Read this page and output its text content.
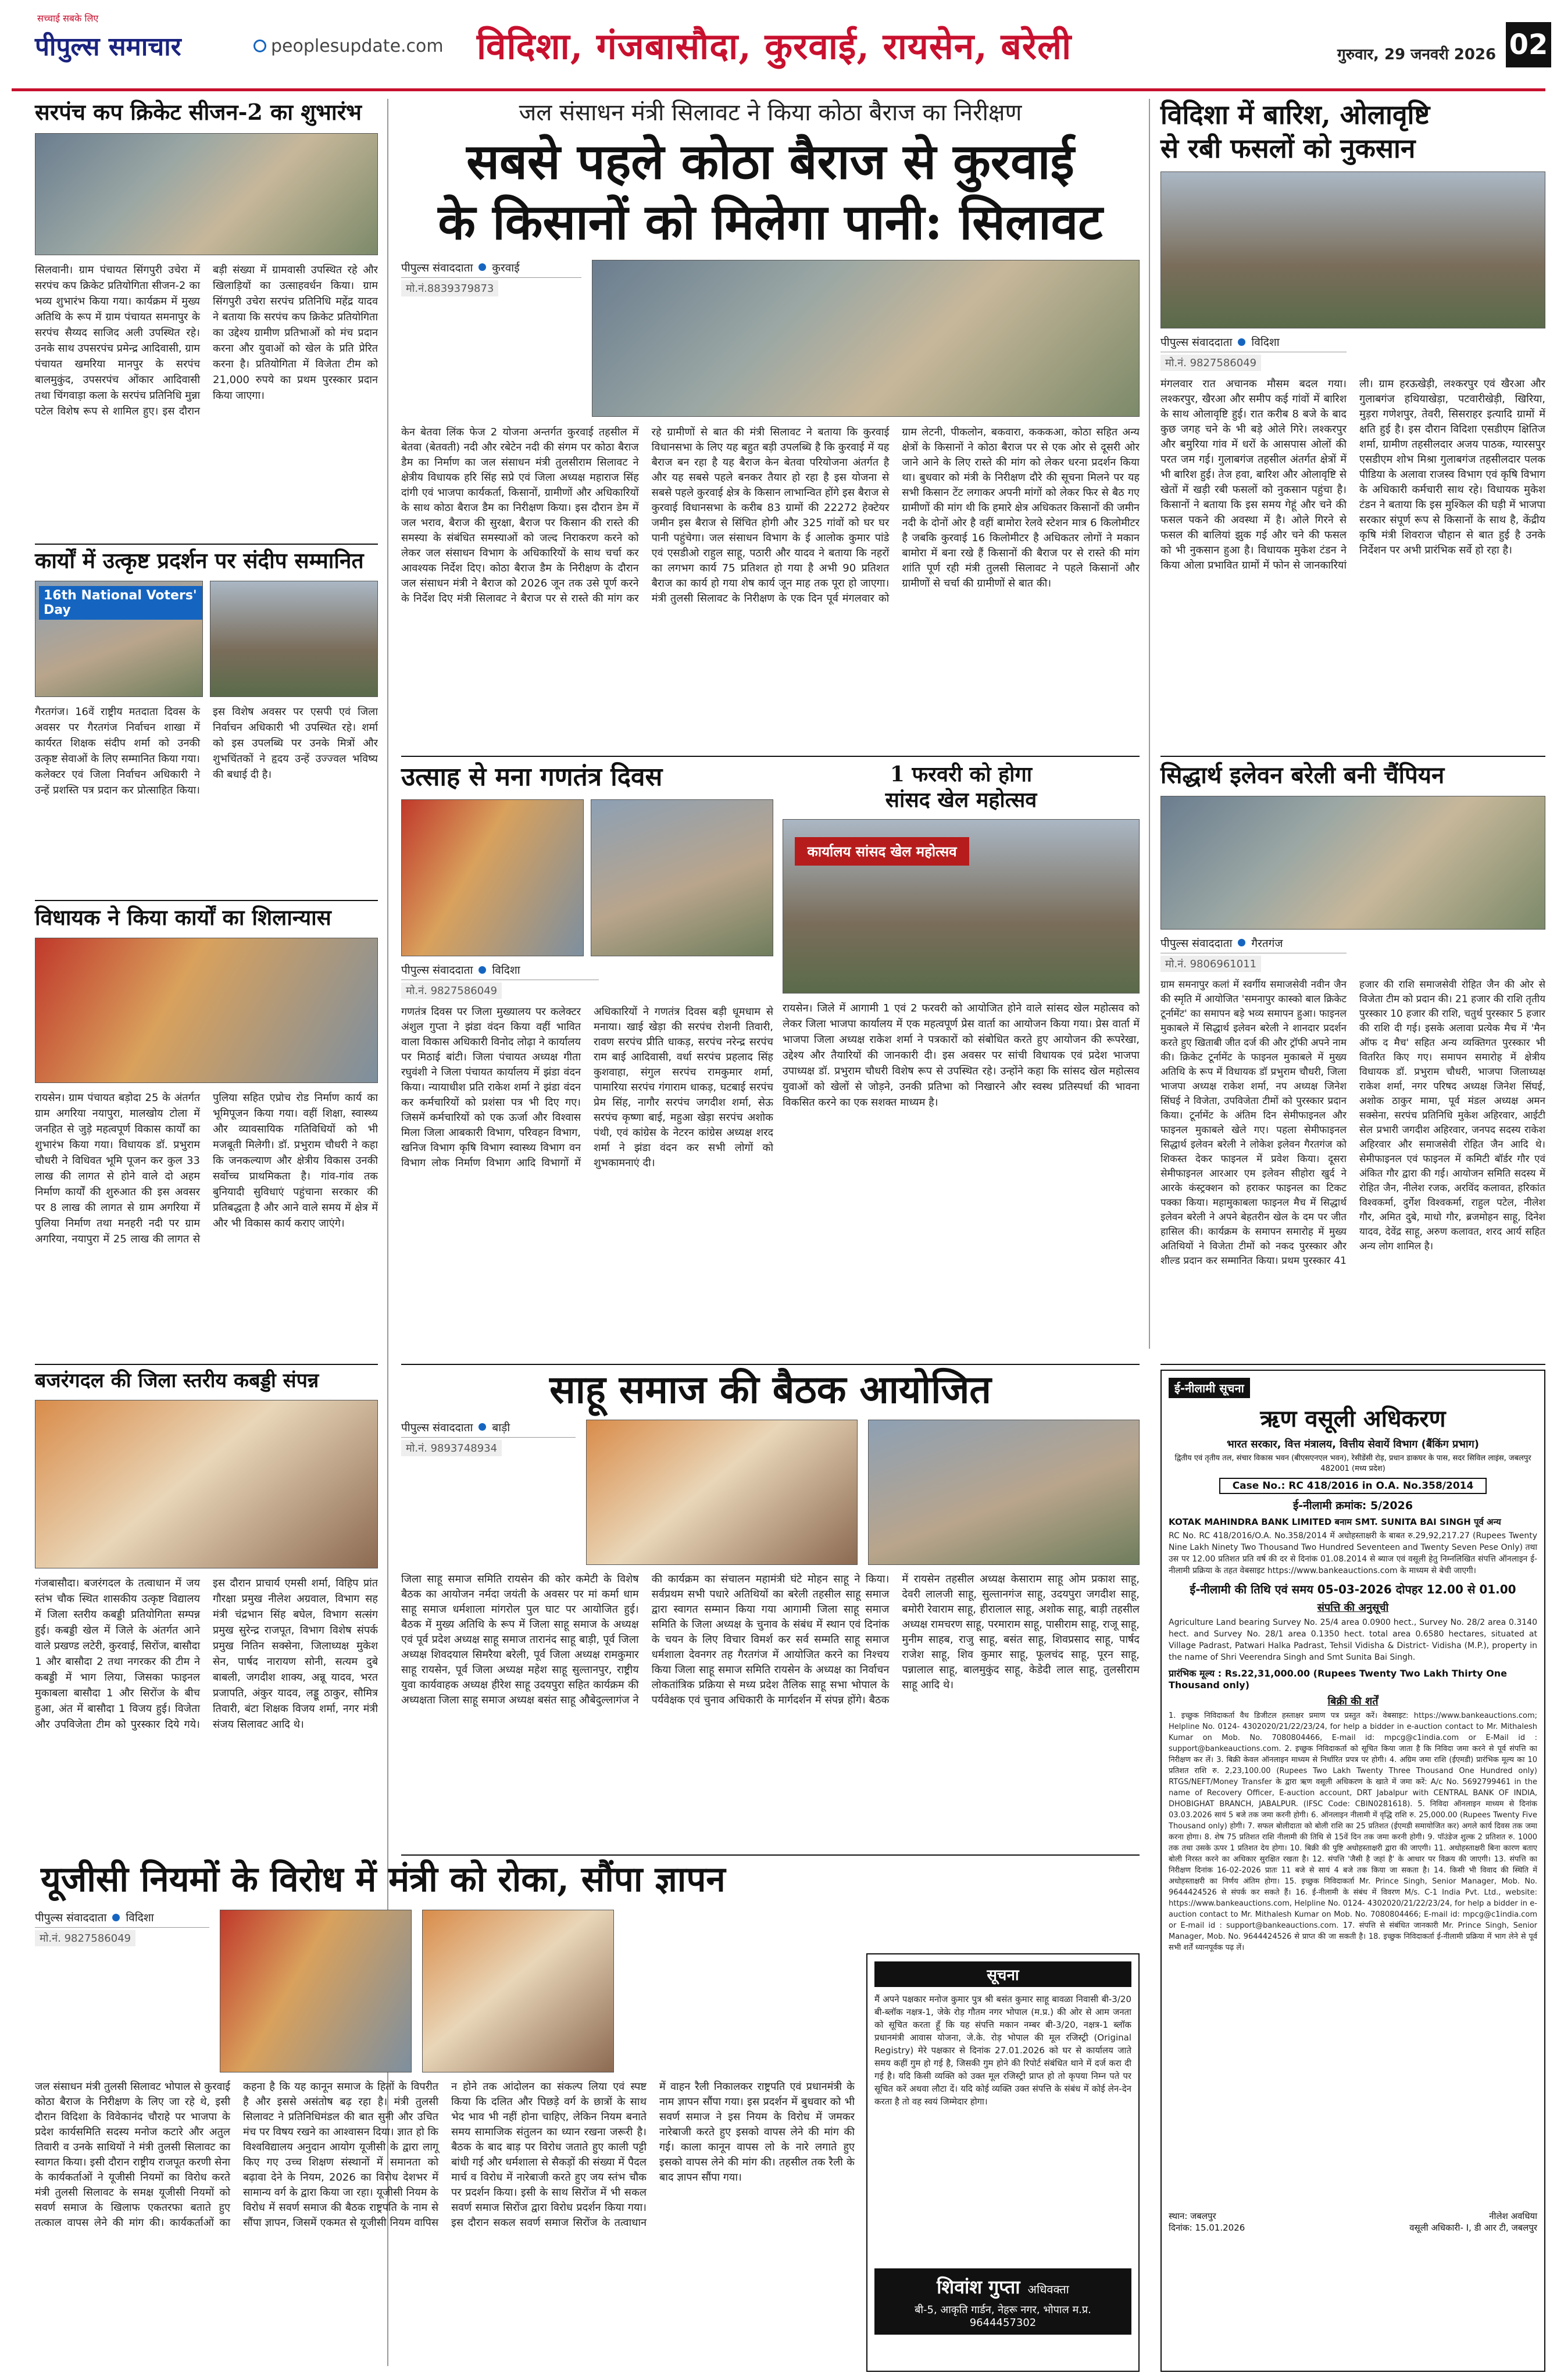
पीपुल्स समाचार
सच्चाई सबके लिए
peoplesupdate.com विदिशा, गंजबासौदा, कुरवाई, रायसेन, बरेली	गुरुवार, 29 जनवरी 2026 02
सरपंच कप क्रिकेट सीजन-2 का शुभारंभ
सिलवानी। ग्राम पंचायत सिंगपुरी उचेरा में सरपंच कप क्रिकेट प्रतियोगिता सीजन-2 का भव्य शुभारंभ किया गया। कार्यक्रम में मुख्य अतिथि के रूप में ग्राम पंचायत समनापुर के सरपंच सैय्यद साजिद अली उपस्थित रहे। उनके साथ उपसरपंच प्रमेन्द्र आदिवासी, ग्राम पंचायत खमरिया मानपुर के सरपंच बालमुकुंद, उपसरपंच ओंकार आदिवासी तथा चिंगवाड़ा कला के सरपंच प्रतिनिधि मुन्ना पटेल विशेष रूप से शामिल हुए। इस दौरान बड़ी संख्या में ग्रामवासी उपस्थित रहे और खिलाड़ियों का उत्साहवर्धन किया। ग्राम सिंगपुरी उचेरा सरपंच प्रतिनिधि महेंद्र यादव ने बताया कि सरपंच कप क्रिकेट प्रतियोगिता का उद्देश्य ग्रामीण प्रतिभाओं को मंच प्रदान करना और युवाओं को खेल के प्रति प्रेरित करना है। प्रतियोगिता में विजेता टीम को 21,000 रुपये का प्रथम पुरस्कार प्रदान किया जाएगा।
कार्यों में उत्कृष्ट प्रदर्शन पर संदीप सम्मानित
16th National Voters' Day
गैरतगंज। 16वें राष्ट्रीय मतदाता दिवस के अवसर पर गैरतगंज निर्वाचन शाखा में कार्यरत शिक्षक संदीप शर्मा को उनकी उत्कृष्ट सेवाओं के लिए सम्मानित किया गया। कलेक्टर एवं जिला निर्वाचन अधिकारी ने उन्हें प्रशस्ति पत्र प्रदान कर प्रोत्साहित किया। इस विशेष अवसर पर एसपी एवं जिला निर्वाचन अधिकारी भी उपस्थित रहे। शर्मा को इस उपलब्धि पर उनके मित्रों और शुभचिंतकों ने हृदय उन्हें उज्ज्वल भविष्य की बधाई दी है।
विधायक ने किया कार्यों का शिलान्यास
रायसेन। ग्राम पंचायत बड़ोदा 25 के अंतर्गत ग्राम अगरिया नयापुरा, मालखोय टोला में जनहित से जुड़े महत्वपूर्ण विकास कार्यों का शुभारंभ किया गया। विधायक डॉ. प्रभुराम चौधरी ने विधिवत भूमि पूजन कर कुल 33 लाख की लागत से होने वाले दो अहम निर्माण कार्यों की शुरुआत की इस अवसर पर 8 लाख की लागत से ग्राम अगरिया में पुलिया निर्माण तथा मनहरी नदी पर ग्राम अगरिया, नयापुरा में 25 लाख की लागत से पुलिया सहित एप्रोच रोड निर्माण कार्य का भूमिपूजन किया गया। वहीं शिक्षा, स्वास्थ्य और व्यावसायिक गतिविधियों को भी मजबूती मिलेगी। डॉ. प्रभुराम चौधरी ने कहा कि जनकल्याण और क्षेत्रीय विकास उनकी सर्वोच्च प्राथमिकता है। गांव-गांव तक बुनियादी सुविधाएं पहुंचाना सरकार की प्रतिबद्धता है और आने वाले समय में क्षेत्र में और भी विकास कार्य कराए जाएंगे।
बजरंगदल की जिला स्तरीय कबड्डी संपन्न
गंजबासौदा। बजरंगदल के तत्वाधान में जय स्तंभ चौक स्थित शासकीय उत्कृष्ट विद्यालय में जिला स्तरीय कबड्डी प्रतियोगिता सम्पन्न हुई। कबड्डी खेल में जिले के अंतर्गत आने वाले प्रखण्ड लटेरी, कुरवाई, सिरोंज, बासौदा 1 और बासौदा 2 तथा नगरकर की टीम ने कबड्डी में भाग लिया, जिसका फाइनल मुकाबला बासौदा 1 और सिरोंज के बीच हुआ, अंत में बासौदा 1 विजय हुई। विजेता और उपविजेता टीम को पुरस्कार दिये गये। इस दौरान प्राचार्य एमसी शर्मा, विहिप प्रांत गौरक्षा प्रमुख नीलेश अग्रवाल, विभाग सह मंत्री चंद्रभान सिंह बघेल, विभाग सत्संग प्रमुख सुरेन्द्र राजपूत, विभाग विशेष संपर्क प्रमुख नितिन सक्सेना, जिलाध्यक्ष मुकेश सेन, पार्षद नारायण सोनी, सत्यम दुबे बाबली, जगदीश शाक्य, अन्नू यादव, भरत प्रजापति, अंकुर यादव, लड्डू ठाकुर, सौमित्र तिवारी, बंटा शिक्षक विजय शर्मा, नगर मंत्री संजय सिलावट आदि थे।
जल संसाधन मंत्री सिलावट ने किया कोठा बैराज का निरीक्षण
सबसे पहले कोठा बैराज से कुरवाई
के किसानों को मिलेगा पानी: सिलावट
पीपुल्स संवाददाता कुरवाई
मो.नं.8839379873
केन बेतवा लिंक फेज 2 योजना अन्तर्गत कुरवाई तहसील में बेतवा (बेतवती) नदी और रबेटेन नदी की संगम पर कोठा बैराज डैम का निर्माण का जल संसाधन मंत्री तुलसीराम सिलावट ने क्षेत्रीय विधायक हरि सिंह सप्रे एवं जिला अध्यक्ष महाराज सिंह दांगी एवं भाजपा कार्यकर्ता, किसानों, ग्रामीणों और अधिकारियों के साथ कोठा बैराज डैम का निरीक्षण किया। इस दौरान डेम में जल भराव, बैराज की सुरक्षा, बैराज पर किसान की रास्ते की समस्या के संबंधित समस्याओं को जल्द निराकरण करने को लेकर जल संसाधन विभाग के अधिकारियों के साथ चर्चा कर आवश्यक निर्देश दिए। कोठा बैराज डैम के निरीक्षण के दौरान जल संसाधन मंत्री ने बैराज को 2026 जून तक उसे पूर्ण करने के निर्देश दिए मंत्री सिलावट ने बैराज पर से रास्ते की मांग कर रहे ग्रामीणों से बात की मंत्री सिलावट ने बताया कि कुरवाई विधानसभा के लिए यह बहुत बड़ी उपलब्धि है कि कुरवाई में यह बैराज बन रहा है यह बैराज केन बेतवा परियोजना अंतर्गत है और यह सबसे पहले बनकर तैयार हो रहा है इस योजना से सबसे पहले कुरवाई क्षेत्र के किसान लाभान्वित होंगे इस बैराज से कुरवाई विधानसभा के करीब 83 ग्रामों की 22272 हेक्टेयर जमीन इस बैराज से सिंचित होगी और 325 गांवों को घर घर पानी पहुंचेगा। जल संसाधन विभाग के ई आलोक कुमार पांडे एवं एसडीओ राहुल साहू, पठारी और यादव ने बताया कि नहरों का लगभग कार्य 75 प्रतिशत हो गया है अभी 90 प्रतिशत बैराज का कार्य हो गया शेष कार्य जून माह तक पूरा हो जाएगा। मंत्री तुलसी सिलावट के निरीक्षण के एक दिन पूर्व मंगलवार को ग्राम लेटनी, पीकलोन, बकवारा, कककआ, कोठा सहित अन्य क्षेत्रों के किसानों ने कोठा बैराज पर से एक ओर से दूसरी ओर जाने आने के लिए रास्ते की मांग को लेकर धरना प्रदर्शन किया था। बुधवार को मंत्री के निरीक्षण दौरे की सूचना मिलने पर यह सभी किसान टेंट लगाकर अपनी मांगों को लेकर फिर से बैठ गए ग्रामीणों की मांग थी कि हमारे क्षेत्र अधिकतर किसानों की जमीन नदी के दोनों ओर है वहीं बामोरा रेलवे स्टेशन मात्र 6 किलोमीटर है जबकि कुरवाई 16 किलोमीटर है अधिकतर लोगों ने मकान बामोरा में बना रखे हैं किसानों की बैराज पर से रास्ते की मांग शांति पूर्ण रही मंत्री तुलसी सिलावट ने पहले किसानों और ग्रामीणों से चर्चा की ग्रामीणों से बात की।
उत्साह से मना गणतंत्र दिवस
पीपुल्स संवाददाता विदिशा
मो.नं. 9827586049
गणतंत्र दिवस पर जिला मुख्यालय पर कलेक्टर अंशुल गुप्ता ने झंडा वंदन किया वहीं भावित वाला विकास अधिकारी विनोद लोढ़ा ने कार्यालय पर मिठाई बांटी। जिला पंचायत अध्यक्ष गीता रघुवंशी ने जिला पंचायत कार्यालय में झंडा वंदन किया। न्यायाधीश प्रति राकेश शर्मा ने झंडा वंदन कर कर्मचारियों को प्रशंसा पत्र भी दिए गए। जिसमें कर्मचारियों को एक ऊर्जा और विश्वास मिला जिला आबकारी विभाग, परिवहन विभाग, खनिज विभाग कृषि विभाग स्वास्थ्य विभाग वन विभाग लोक निर्माण विभाग आदि विभागों में अधिकारियों ने गणतंत्र दिवस बड़ी धूमधाम से मनाया। खाई खेड़ा की सरपंच रोशनी तिवारी, रावण सरपंच प्रीति धाकड़, सरपंच नरेन्द्र सरपंच राम बाई आदिवासी, वर्धा सरपंच प्रहलाद सिंह कुशवाहा, संगुल सरपंच रामकुमार शर्मा, पामारिया सरपंच गंगाराम धाकड़, घटबाई सरपंच प्रेम सिंह, नागौर सरपंच जगदीश शर्मा, सेऊ सरपंच कृष्णा बाई, महुआ खेड़ा सरपंच अशोक पंथी, एवं कांग्रेस के नेटरन कांग्रेस अध्यक्ष शरद शर्मा ने झंडा वंदन कर सभी लोगों को शुभकामनाएं दी।
1 फरवरी को होगा
सांसद खेल महोत्सव
कार्यालय सांसद खेल महोत्सव
रायसेन। जिले में आगामी 1 एवं 2 फरवरी को आयोजित होने वाले सांसद खेल महोत्सव को लेकर जिला भाजपा कार्यालय में एक महत्वपूर्ण प्रेस वार्ता का आयोजन किया गया। प्रेस वार्ता में भाजपा जिला अध्यक्ष राकेश शर्मा ने पत्रकारों को संबोधित करते हुए आयोजन की रूपरेखा, उद्देश्य और तैयारियों की जानकारी दी। इस अवसर पर सांची विधायक एवं प्रदेश भाजपा उपाध्यक्ष डॉ. प्रभुराम चौधरी विशेष रूप से उपस्थित रहे। उन्होंने कहा कि सांसद खेल महोत्सव युवाओं को खेलों से जोड़ने, उनकी प्रतिभा को निखारने और स्वस्थ प्रतिस्पर्धा की भावना विकसित करने का एक सशक्त माध्यम है।
साहू समाज की बैठक आयोजित
पीपुल्स संवाददाता बाड़ी
मो.नं. 9893748934
जिला साहू समाज समिति रायसेन की कोर कमेटी के विशेष बैठक का आयोजन नर्मदा जयंती के अवसर पर मां कर्मा धाम साहू समाज धर्मशाला मांगरोल पुल घाट पर आयोजित हुई। बैठक में मुख्य अतिथि के रूप में जिला साहू समाज के अध्यक्ष एवं पूर्व प्रदेश अध्यक्ष साहू समाज तारानंद साहू बाड़ी, पूर्व जिला अध्यक्ष शिवदयाल सिमरैया बरेली, पूर्व जिला अध्यक्ष रामकुमार साहू रायसेन, पूर्व जिला अध्यक्ष महेश साहू सुल्तानपुर, राष्ट्रीय युवा कार्यवाहक अध्यक्ष हीरेश साहू उदयपुरा सहित कार्यक्रम की अध्यक्षता जिला साहू समाज अध्यक्ष बसंत साहू औबेदुल्लागंज ने की कार्यक्रम का संचालन महामंत्री घंटे मोहन साहू ने किया। सर्वप्रथम सभी पधारे अतिथियों का बरेली तहसील साहू समाज द्वारा स्वागत सम्मान किया गया आगामी जिला साहू समाज समिति के जिला अध्यक्ष के चुनाव के संबंध में स्थान एवं दिनांक के चयन के लिए विचार विमर्श कर सर्व सम्मति साहू समाज धर्मशाला देवनगर तह गैरतगंज में आयोजित करने का निश्चय किया जिला साहू समाज समिति रायसेन के अध्यक्ष का निर्वाचन लोकतांत्रिक प्रक्रिया से मध्य प्रदेश तैलिक साहू सभा भोपाल के पर्यवेक्षक एवं चुनाव अधिकारी के मार्गदर्शन में संपन्न होंगे। बैठक में रायसेन तहसील अध्यक्ष केसाराम साहू ओम प्रकाश साहू, देवरी लालजी साहू, सुल्तानगंज साहू, उदयपुरा जगदीश साहू, बमोरी रेवाराम साहू, हीरालाल साहू, अशोक साहू, बाड़ी तहसील अध्यक्ष रामचरण साहू, परमाराम साहू, पासीराम साहू, राजू साहू, मुनीम साहब, राजु साहू, बसंत साहू, शिवप्रसाद साहू, पार्षद राजेश साहू, शिव कुमार साहू, फूलचंद साहू, पूरन साहू, पन्नालाल साहू, बालमुकुंद साहू, केडेदी लाल साहू, तुलसीराम साहू आदि थे।
यूजीसी नियमों के विरोध में मंत्री को रोका, सौंपा ज्ञापन
पीपुल्स संवाददाता विदिशा
मो.नं. 9827586049
जल संसाधन मंत्री तुलसी सिलावट भोपाल से कुरवाई कोठा बैराज के निरीक्षण के लिए जा रहे थे, इसी दौरान विदिशा के विवेकानंद चौराहे पर भाजपा के प्रदेश कार्यसमिति सदस्य मनोज कटारे और अतुल तिवारी व उनके साथियों ने मंत्री तुलसी सिलावट का स्वागत किया। इसी दौरान राष्ट्रीय राजपूत करणी सेना के कार्यकर्ताओं ने यूजीसी नियमों का विरोध करते मंत्री तुलसी सिलावट के समक्ष यूजीसी नियमों को सवर्ण समाज के खिलाफ एकतरफा बताते हुए तत्काल वापस लेने की मांग की। कार्यकर्ताओं का कहना है कि यह कानून समाज के हितों के विपरीत है और इससे असंतोष बढ़ रहा है। मंत्री तुलसी सिलावट ने प्रतिनिधिमंडल की बात सुनी और उचित मंच पर विषय रखने का आश्वासन दिया। ज्ञात हो कि विश्वविद्यालय अनुदान आयोग यूजीसी के द्वारा लागू किए गए उच्च शिक्षण संस्थानों में समानता को बढ़ावा देने के नियम, 2026 का विरोध देशभर में सामान्य वर्ग के द्वारा किया जा रहा। यूजीसी नियम के विरोध में सवर्ण समाज की बैठक राष्ट्रपति के नाम से सौंपा ज्ञापन, जिसमें एकमत से यूजीसी नियम वापिस न होने तक आंदोलन का संकल्प लिया एवं स्पष्ट किया कि दलित और पिछड़े वर्ग के छात्रों के साथ भेद भाव भी नहीं होना चाहिए, लेकिन नियम बनाते समय सामाजिक संतुलन का ध्यान रखना जरूरी है। बैठक के बाद बाड़ पर विरोध जताते हुए काली पट्टी बांधी गई और धर्मशाला से सैकड़ों की संख्या में पैदल मार्च व विरोध में नारेबाजी करते हुए जय स्तंभ चौक पर प्रदर्शन किया। इसी के साथ सिरोंज में भी सकल सवर्ण समाज सिरोंज द्वारा विरोध प्रदर्शन किया गया। इस दौरान सकल सवर्ण समाज सिरोंज के तत्वाधान में वाहन रैली निकालकर राष्ट्रपति एवं प्रधानमंत्री के नाम ज्ञापन सौंपा गया। इस प्रदर्शन में बुधवार को भी सवर्ण समाज ने इस नियम के विरोध में जमकर नारेबाजी करते हुए इसको वापस लेने की मांग की गई। काला कानून वापस लो के नारे लगाते हुए इसको वापस लेने की मांग की। तहसील तक रैली के बाद ज्ञापन सौंपा गया।
सूचना
मैं अपने पक्षकार मनोज कुमार पुत्र श्री बसंत कुमार साहू बावळा निवासी बी-3/20 बी-ब्लॉक नक्षत्र-1, जेके रोड़ गौतम नगर भोपाल (म.प्र.) की ओर से आम जनता को सूचित करता हूँ कि यह संपत्ति मकान नम्बर बी-3/20, नक्षत्र-1 ब्लॉक प्रधानमंत्री आवास योजना, जे.के. रोड़ भोपाल की मूल रजिस्ट्री (Original Registry) मेरे पक्षकार से दिनांक 27.01.2026 को घर से कार्यालय जाते समय कहीं गुम हो गई है, जिसकी गुम होने की रिपोर्ट संबंधित थाने में दर्ज करा दी गई है। यदि किसी व्यक्ति को उक्त मूल रजिस्ट्री प्राप्त हो तो कृपया निम्न पते पर सूचित करें अथवा लौटा दें। यदि कोई व्यक्ति उक्त संपत्ति के संबंध में कोई लेन-देन करता है तो वह स्वयं जिम्मेदार होगा।
शिवांश गुप्ता अधिवक्ता
बी-5, आकृति गार्डन, नेहरू नगर, भोपाल म.प्र. 9644457302
विदिशा में बारिश, ओलावृष्टि
से रबी फसलों को नुकसान
पीपुल्स संवाददाता विदिशा
मो.नं. 9827586049
मंगलवार रात अचानक मौसम बदल गया। लश्करपुर, खैरआ और समीप कई गांवों में बारिश के साथ ओलावृष्टि हुई। रात करीब 8 बजे के बाद कुछ जगह चने के भी बड़े ओले गिरे। लश्करपुर और बमुरिया गांव में धरों के आसपास ओलों की परत जम गई। गुलाबगंज तहसील अंतर्गत क्षेत्रों में भी बारिश हुई। तेज हवा, बारिश और ओलावृष्टि से खेतों में खड़ी रबी फसलों को नुकसान पहुंचा है। किसानों ने बताया कि इस समय गेहूं और चने की फसल पकने की अवस्था में है। ओले गिरने से फसल की बालियां झुक गई और चने की फसल को भी नुकसान हुआ है। विधायक मुकेश टंडन ने किया ओला प्रभावित ग्रामों में फोन से जानकारियां ली। ग्राम हरऊखेड़ी, लश्करपुर एवं खैरआ और गुलाबगंज हथियाखेड़ा, पटवारीखेड़ी, खिरिया, मुड़रा गणेशपुर, तेवरी, सिसराहर इत्यादि ग्रामों में क्षति हुई है। इस दौरान विदिशा एसडीएम क्षितिज शर्मा, ग्रामीण तहसीलदार अजय पाठक, ग्यारसपुर एसडीएम शोभ मिश्रा गुलाबगंज तहसीलदार पलक पीडिया के अलावा राजस्व विभाग एवं कृषि विभाग के अधिकारी कर्मचारी साथ रहे। विधायक मुकेश टंडन ने बताया कि इस मुश्किल की घड़ी में भाजपा सरकार संपूर्ण रूप से किसानों के साथ है, केंद्रीय कृषि मंत्री शिवराज चौहान से बात हुई है उनके निर्देशन पर अभी प्रारंभिक सर्वे हो रहा है।
सिद्धार्थ इलेवन बरेली बनी चैंपियन
पीपुल्स संवाददाता गैरतगंज
मो.नं. 9806961011
ग्राम समनापुर कलां में स्वर्गीय समाजसेवी नवीन जैन की स्मृति में आयोजित 'समनापुर कास्को बाल क्रिकेट टूर्नामेंट' का समापन बड़े भव्य समापन हुआ। फाइनल मुकाबले में सिद्धार्थ इलेवन बरेली ने शानदार प्रदर्शन करते हुए खिताबी जीत दर्ज की और ट्रॉफी अपने नाम की। क्रिकेट टूर्नामेंट के फाइनल मुकाबले में मुख्य अतिथि के रूप में विधायक डॉ प्रभुराम चौधरी, जिला भाजपा अध्यक्ष राकेश शर्मा, नप अध्यक्ष जिनेश सिंघई ने विजेता, उपविजेता टीमों को पुरस्कार प्रदान किया। टूर्नामेंट के अंतिम दिन सेमीफाइनल और फाइनल मुकाबले खेले गए। पहला सेमीफाइनल सिद्धार्थ इलेवन बरेली ने लोकेश इलेवन गैरतगंज को शिकस्त देकर फाइनल में प्रवेश किया। दूसरा सेमीफाइनल आरआर एम इलेवन सीहोरा खुर्द ने आरके कंस्ट्रक्शन को हराकर फाइनल का टिकट पक्का किया। महामुकाबला फाइनल मैच में सिद्धार्थ इलेवन बरेली ने अपने बेहतरीन खेल के दम पर जीत हासिल की। कार्यक्रम के समापन समारोह में मुख्य अतिथियों ने विजेता टीमों को नकद पुरस्कार और शील्ड प्रदान कर सम्मानित किया। प्रथम पुरस्कार 41 हजार की राशि समाजसेवी रोहित जैन की ओर से विजेता टीम को प्रदान की। 21 हजार की राशि तृतीय पुरस्कार 10 हजार की राशि, चतुर्थ पुरस्कार 5 हजार की राशि दी गई। इसके अलावा प्रत्येक मैच में 'मैन ऑफ द मैच' सहित अन्य व्यक्तिगत पुरस्कार भी वितरित किए गए। समापन समारोह में क्षेत्रीय विधायक डॉ. प्रभुराम चौधरी, भाजपा जिलाध्यक्ष राकेश शर्मा, नगर परिषद अध्यक्ष जिनेश सिंघई, अशोक ठाकुर मामा, पूर्व मंडल अध्यक्ष अमन सक्सेना, सरपंच प्रतिनिधि मुकेश अहिरवार, आईटी सेल प्रभारी जगदीश अहिरवार, जनपद सदस्य राकेश अहिरवार और समाजसेवी रोहित जैन आदि थे। सेमीफाइनल एवं फाइनल में कमिटी बॉर्डर गौर एवं अंकित गौर द्वारा की गई। आयोजन समिति सदस्य में रोहित जैन, नीलेश रजक, अरविंद कलावत, हरिकांत विश्वकर्मा, दुर्गेश विश्वकर्मा, राहुल पटेल, नीलेश गौर, अमित दुबे, माधो गौर, ब्रजमोहन साहू, दिनेश यादव, देवेंद्र साहू, अरुण कलावत, शरद आर्य सहित अन्य लोग शामिल है।
ई-नीलामी सूचना
ऋण वसूली अधिकरण
भारत सरकार, वित्त मंत्रालय, वित्तीय सेवायें विभाग (बैंकिंग प्रभाग)
द्वितीय एवं तृतीय तल, संचार विकास भवन (बीएसएनएल भवन), रेसीडेंसी रोड़, प्रधान डाकघर के पास, सदर सिविल लाइंस, जबलपुर 482001 (मध्य प्रदेश)
Case No.: RC 418/2016 in O.A. No.358/2014
ई-नीलामी क्रमांक: 5/2026
KOTAK MAHINDRA BANK LIMITED बनाम SMT. SUNITA BAI SINGH पूर्व अन्य
RC No. RC 418/2016/O.A. No.358/2014 में अधोहस्ताक्षरी के बाबत रु.29,92,217.27 (Rupees Twenty Nine Lakh Ninety Two Thousand Two Hundred Seventeen and Twenty Seven Pese Only) तथा उस पर 12.00 प्रतिशत प्रति वर्ष की दर से दिनांक 01.08.2014 से ब्याज एवं वसूली हेतु निम्नलिखित संपत्ति ऑनलाइन ई-नीलामी प्रक्रिया के तहत वेबसाइट https://www.bankeauctions.com के माध्यम से बेची जाएगी।
ई-नीलामी की तिथि एवं समय 05-03-2026 दोपहर 12.00 से 01.00
संपत्ति की अनुसूची
Agriculture Land bearing Survey No. 25/4 area 0.0900 hect., Survey No. 28/2 area 0.3140 hect. and Survey No. 28/1 area 0.1350 hect. total area 0.6580 hectares, situated at Village Padrast, Patwari Halka Padrast, Tehsil Vidisha & District- Vidisha (M.P.), property in the name of Shri Veerendra Singh and Smt Sunita Bai Singh.
प्रारंभिक मूल्य : Rs.22,31,000.00 (Rupees Twenty Two Lakh Thirty One Thousand only)
बिक्री की शर्तें
1. इच्छुक निविदाकर्ता वैध डिजीटल हस्ताक्षर प्रमाण पत्र प्रस्तुत करें। वेबसाइट: https://www.bankeauctions.com; Helpline No. 0124- 4302020/21/22/23/24, for help a bidder in e-auction contact to Mr. Mithalesh Kumar on Mob. No. 7080804466, E-mail id: mpcg@c1india.com or E-Mail id : support@bankeauctions.com. 2. इच्छुक निविदाकर्ता को सूचित किया जाता है कि निविदा जमा करने से पूर्व संपत्ति का निरीक्षण कर लें। 3. बिक्री केवल ऑनलाइन माध्यम से निर्धारित प्रपत्र पर होगी। 4. अग्रिम जमा राशि (ईएमडी) प्रारंभिक मूल्य का 10 प्रतिशत राशि रु. 2,23,100.00 (Rupees Two Lakh Twenty Three Thousand One Hundred only) RTGS/NEFT/Money Transfer के द्वारा ऋण वसूली अधिकरण के खाते में जमा करें: A/c No. 5692799461 in the name of Recovery Officer, E-auction account, DRT Jabalpur with CENTRAL BANK OF INDIA, DHOBIGHAT BRANCH, JABALPUR. (IFSC Code: CBIN0281618). 5. निविदा ऑनलाइन माध्यम से दिनांक 03.03.2026 सायं 5 बजे तक जमा करनी होगी। 6. ऑनलाइन नीलामी में वृद्धि राशि रु. 25,000.00 (Rupees Twenty Five Thousand only) होगी। 7. सफल बोलीदाता को बोली राशि का 25 प्रतिशत (ईएमडी समायोजित कर) अगले कार्य दिवस तक जमा करना होगा। 8. शेष 75 प्रतिशत राशि नीलामी की तिथि से 15वें दिन तक जमा करनी होगी। 9. पॉउंडेज शुल्क 2 प्रतिशत रु. 1000 तक तथा उसके ऊपर 1 प्रतिशत देय होगा। 10. बिक्री की पुष्टि अधोहस्ताक्षरी द्वारा की जाएगी। 11. अधोहस्ताक्षरी बिना कारण बताए बोली निरस्त करने का अधिकार सुरक्षित रखता है। 12. संपत्ति 'जैसी है जहां है' के आधार पर विक्रय की जाएगी। 13. संपत्ति का निरीक्षण दिनांक 16-02-2026 प्रातः 11 बजे से सायं 4 बजे तक किया जा सकता है। 14. किसी भी विवाद की स्थिति में अधोहस्ताक्षरी का निर्णय अंतिम होगा। 15. इच्छुक निविदाकर्ता Mr. Prince Singh, Senior Manager, Mob. No. 9644424526 से संपर्क कर सकते हैं। 16. ई-नीलामी के संबंध में विवरण M/s. C-1 India Pvt. Ltd., website: https://www.bankeauctions.com, Helpline No. 0124- 4302020/21/22/23/24, for help a bidder in e-auction contact to Mr. Mithalesh Kumar on Mob. No. 7080804466; E-mail id: mpcg@c1india.com or E-mail id : support@bankeauctions.com. 17. संपत्ति से संबंधित जानकारी Mr. Prince Singh, Senior Manager, Mob. No. 9644424526 से प्राप्त की जा सकती है। 18. इच्छुक निविदाकर्ता ई-नीलामी प्रक्रिया में भाग लेने से पूर्व सभी शर्तें ध्यानपूर्वक पढ़ लें।
स्थान: जबलपुर
दिनांक: 15.01.2026
नीलेश अवधिया
वसूली अधिकारी- I, डी आर टी, जबलपुर
